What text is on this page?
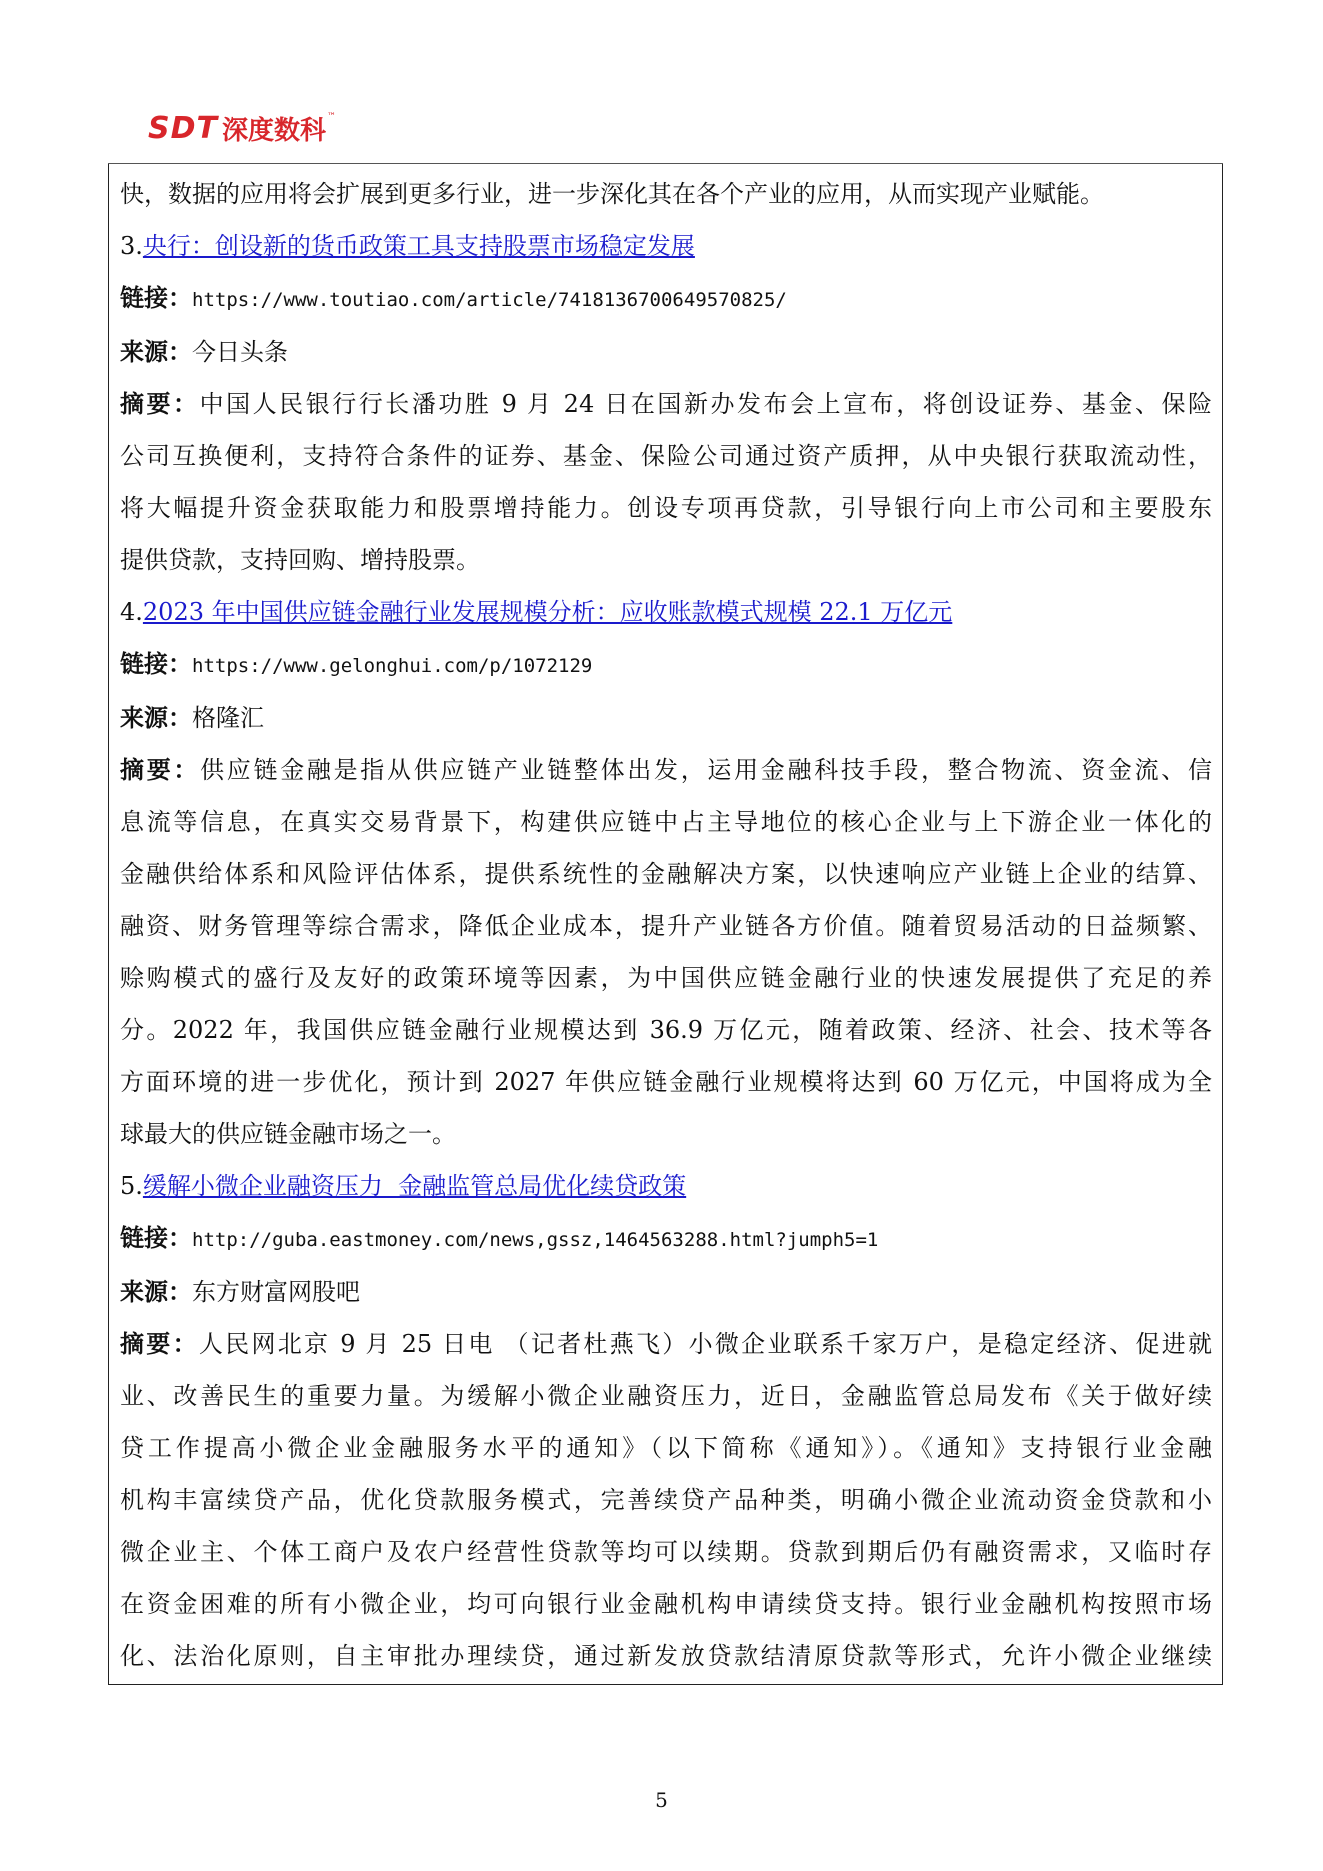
SDT 深度数科 ™
快，数据的应用将会扩展到更多行业，进一步深化其在各个产业的应用，从而实现产业赋能。
3.央行：创设新的货币政策工具支持股票市场稳定发展
链接：https://www.toutiao.com/article/7418136700649570825/
来源：今日头条
摘要：中国人民银行行长潘功胜 9 月 24 日在国新办发布会上宣布，将创设证券、基金、保险
公司互换便利，支持符合条件的证券、基金、保险公司通过资产质押，从中央银行获取流动性，
将大幅提升资金获取能力和股票增持能力。创设专项再贷款，引导银行向上市公司和主要股东
提供贷款，支持回购、增持股票。
4.2023 年中国供应链金融行业发展规模分析：应收账款模式规模 22.1 万亿元
链接：https://www.gelonghui.com/p/1072129
来源：格隆汇
摘要：供应链金融是指从供应链产业链整体出发，运用金融科技手段，整合物流、资金流、信
息流等信息，在真实交易背景下，构建供应链中占主导地位的核心企业与上下游企业一体化的
金融供给体系和风险评估体系，提供系统性的金融解决方案，以快速响应产业链上企业的结算、
融资、财务管理等综合需求，降低企业成本，提升产业链各方价值。随着贸易活动的日益频繁、
赊购模式的盛行及友好的政策环境等因素，为中国供应链金融行业的快速发展提供了充足的养
分。2022 年，我国供应链金融行业规模达到 36.9 万亿元，随着政策、经济、社会、技术等各
方面环境的进一步优化，预计到 2027 年供应链金融行业规模将达到 60 万亿元，中国将成为全
球最大的供应链金融市场之一。
5.缓解小微企业融资压力  金融监管总局优化续贷政策
链接：http://guba.eastmoney.com/news,gssz,1464563288.html?jumph5=1
来源：东方财富网股吧
摘要：人民网北京 9 月 25 日电 （记者杜燕飞）小微企业联系千家万户，是稳定经济、促进就
业、改善民生的重要力量。为缓解小微企业融资压力，近日，金融监管总局发布《关于做好续
贷工作提高小微企业金融服务水平的通知》（以下简称《通知》）。《通知》支持银行业金融
机构丰富续贷产品，优化贷款服务模式，完善续贷产品种类，明确小微企业流动资金贷款和小
微企业主、个体工商户及农户经营性贷款等均可以续期。贷款到期后仍有融资需求，又临时存
在资金困难的所有小微企业，均可向银行业金融机构申请续贷支持。银行业金融机构按照市场
化、法治化原则，自主审批办理续贷，通过新发放贷款结清原贷款等形式，允许小微企业继续
5
